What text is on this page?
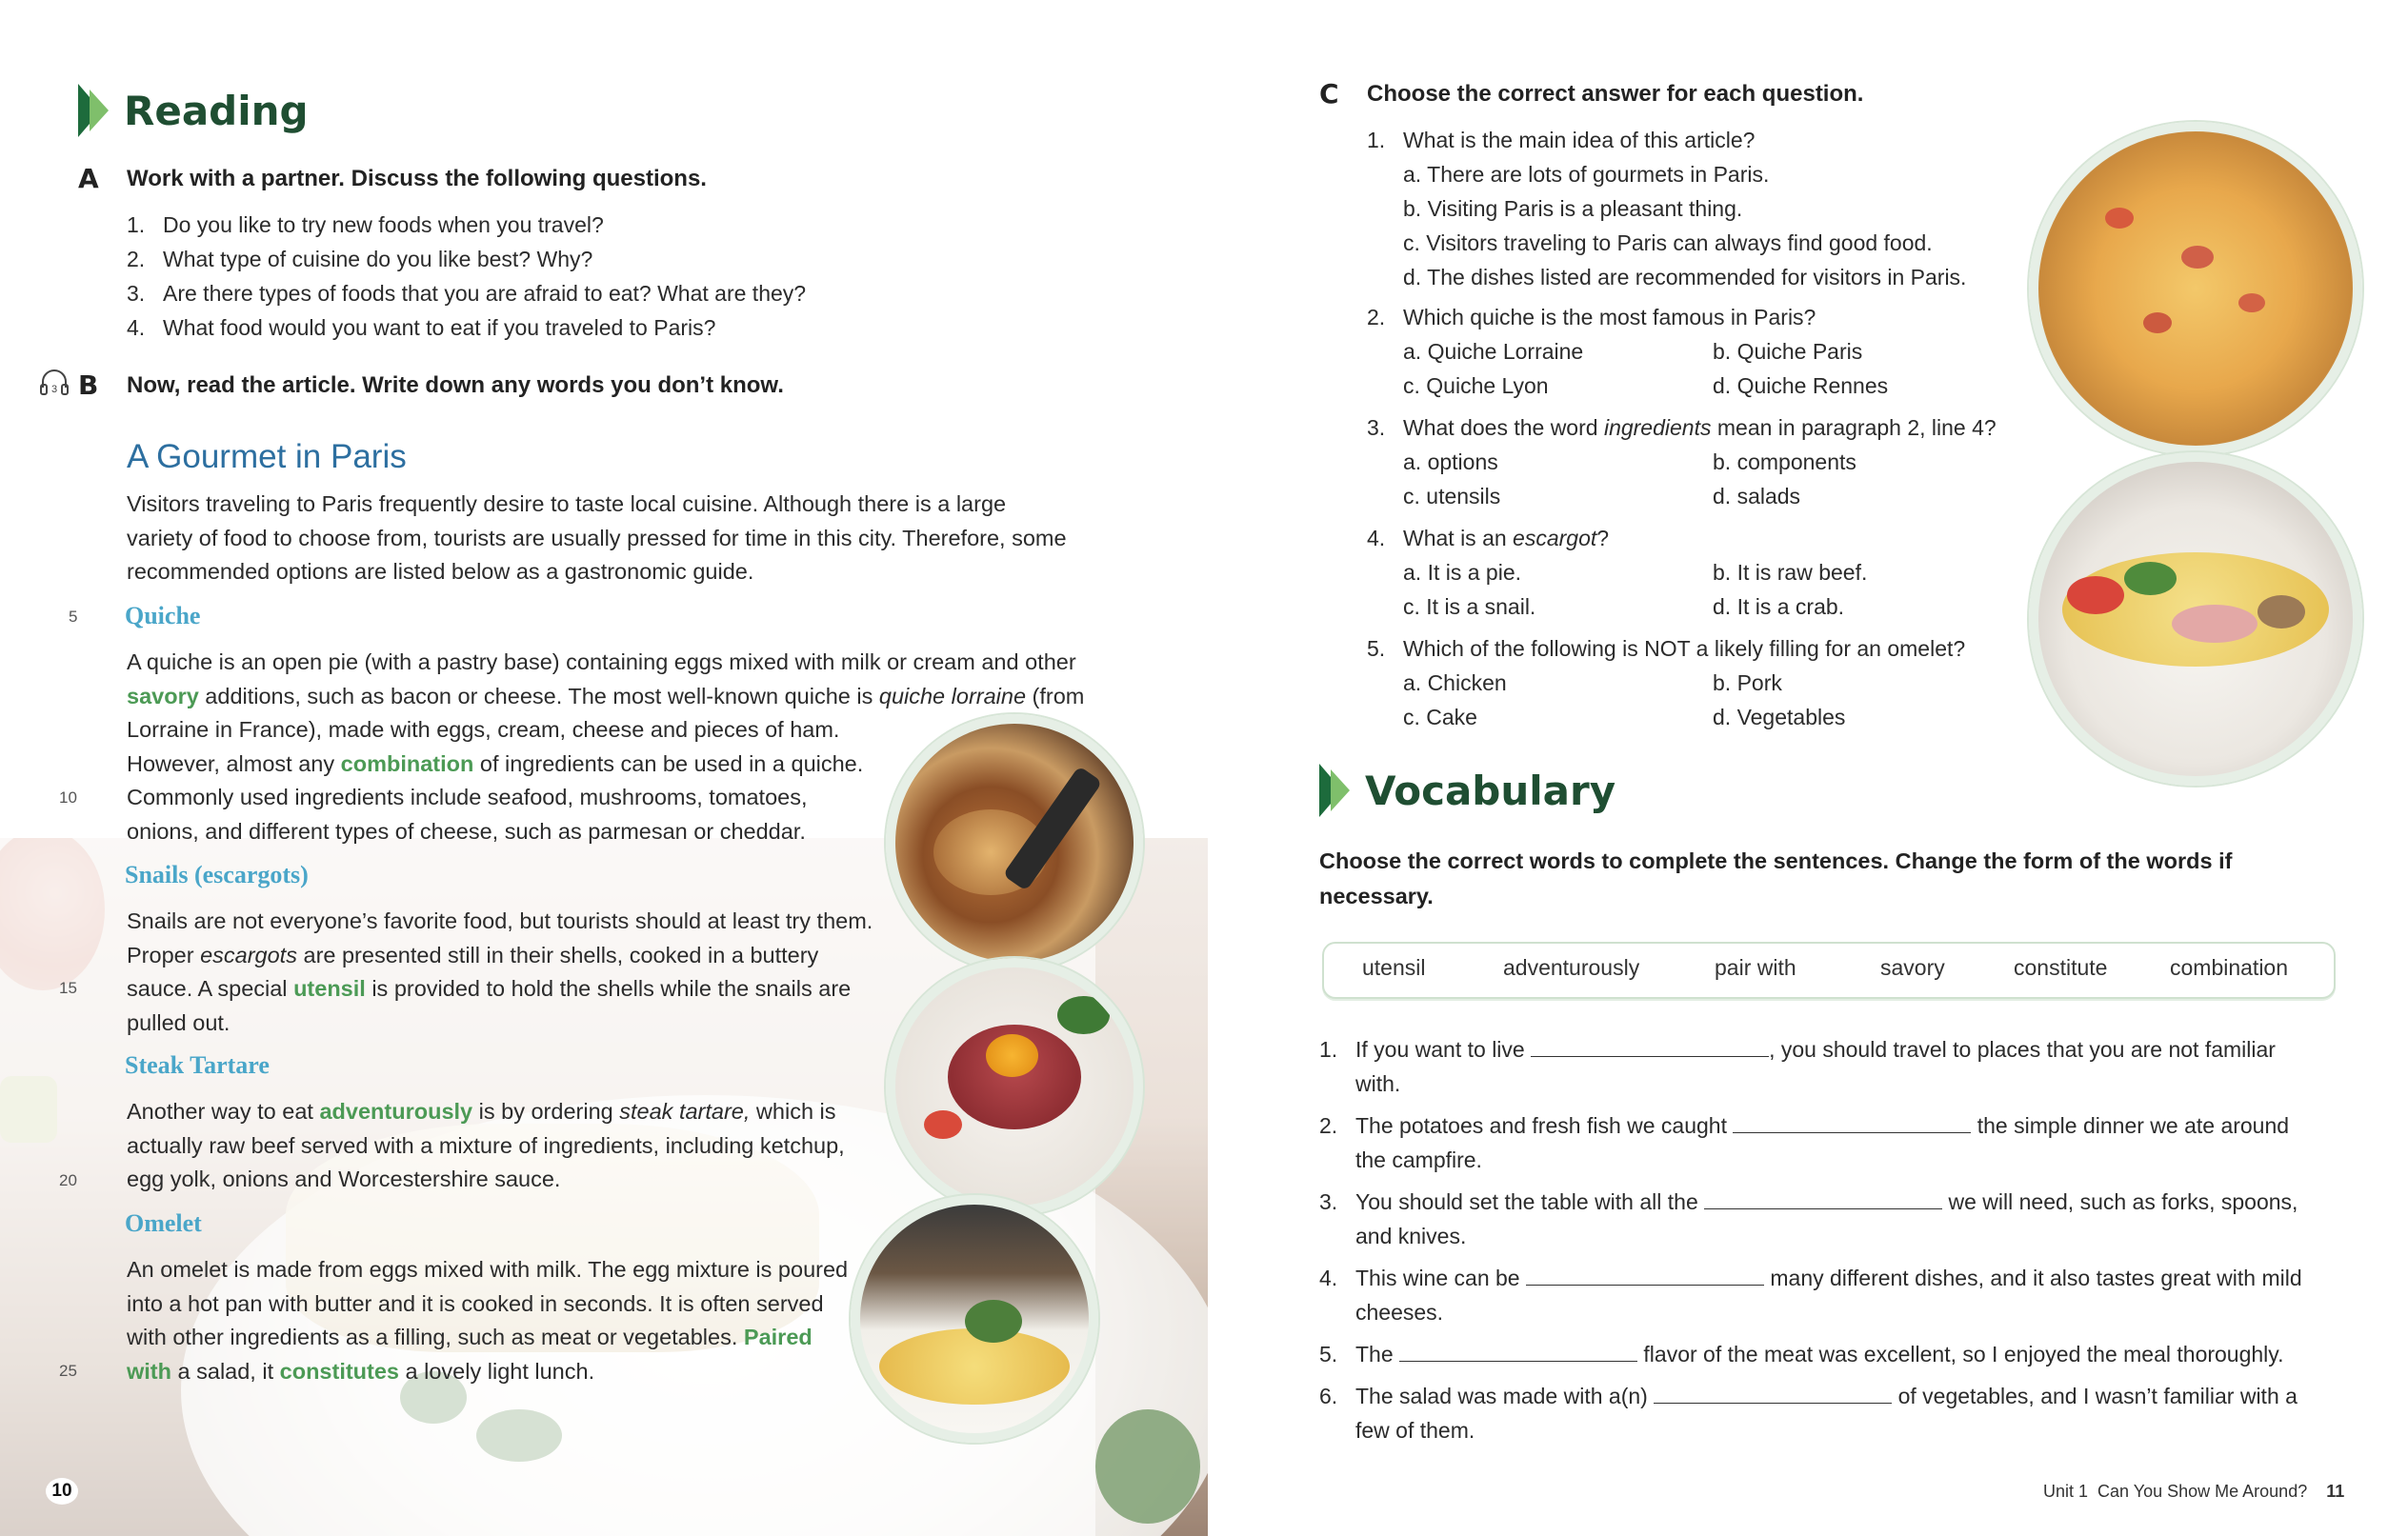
Reading
A Work with a partner. Discuss the following questions.
1. Do you like to try new foods when you travel?
2. What type of cuisine do you like best? Why?
3. Are there types of foods that you are afraid to eat? What are they?
4. What food would you want to eat if you traveled to Paris?
3 B Now, read the article. Write down any words you don’t know.
A Gourmet in Paris
Visitors traveling to Paris frequently desire to taste local cuisine. Although there is a large
variety of food to choose from, tourists are usually pressed for time in this city. Therefore, some
recommended options are listed below as a gastronomic guide.
5 Quiche
A quiche is an open pie (with a pastry base) containing eggs mixed with milk or cream and other
savory additions, such as bacon or cheese. The most well-known quiche is quiche lorraine (from
Lorraine in France), made with eggs, cream, cheese and pieces of ham.
However, almost any combination of ingredients can be used in a quiche.
Commonly used ingredients include seafood, mushrooms, tomatoes,
onions, and different types of cheese, such as parmesan or cheddar.
10
Snails (escargots)
Snails are not everyone’s favorite food, but tourists should at least try them.
Proper escargots are presented still in their shells, cooked in a buttery
sauce. A special utensil is provided to hold the shells while the snails are
pulled out.
15
Steak Tartare
Another way to eat adventurously is by ordering steak tartare, which is
actually raw beef served with a mixture of ingredients, including ketchup,
egg yolk, onions and Worcestershire sauce.
20
Omelet
An omelet is made from eggs mixed with milk. The egg mixture is poured
into a hot pan with butter and it is cooked in seconds. It is often served
with other ingredients as a filling, such as meat or vegetables. Paired
with a salad, it constitutes a lovely light lunch.
25
10
C Choose the correct answer for each question.
1. What is the main idea of this article?
a. There are lots of gourmets in Paris.
b. Visiting Paris is a pleasant thing.
c. Visitors traveling to Paris can always find good food.
d. The dishes listed are recommended for visitors in Paris.
2. Which quiche is the most famous in Paris?
a. Quiche Lorraine	b. Quiche Paris
c. Quiche Lyon	d. Quiche Rennes
3. What does the word ingredients mean in paragraph 2, line 4?
a. options	b. components
c. utensils	d. salads
4. What is an escargot?
a. It is a pie.	b. It is raw beef.
c. It is a snail.	d. It is a crab.
5. Which of the following is NOT a likely filling for an omelet?
a. Chicken	b. Pork
c. Cake	d. Vegetables
Vocabulary
Choose the correct words to complete the sentences. Change the form of the words if
necessary.
utensil	adventurously	pair with	savory	constitute	combination
1. If you want to live	, you should travel to places that you are not familiar
with.
2. The potatoes and fresh fish we caught	the simple dinner we ate around
the campfire.
3. You should set the table with all the	we will need, such as forks, spoons,
and knives.
4. This wine can be	many different dishes, and it also tastes great with mild
cheeses.
5. The	flavor of the meat was excellent, so I enjoyed the meal thoroughly.
6. The salad was made with a(n)	of vegetables, and I wasn’t familiar with a
few of them.
Unit 1 Can You Show Me Around? 11
